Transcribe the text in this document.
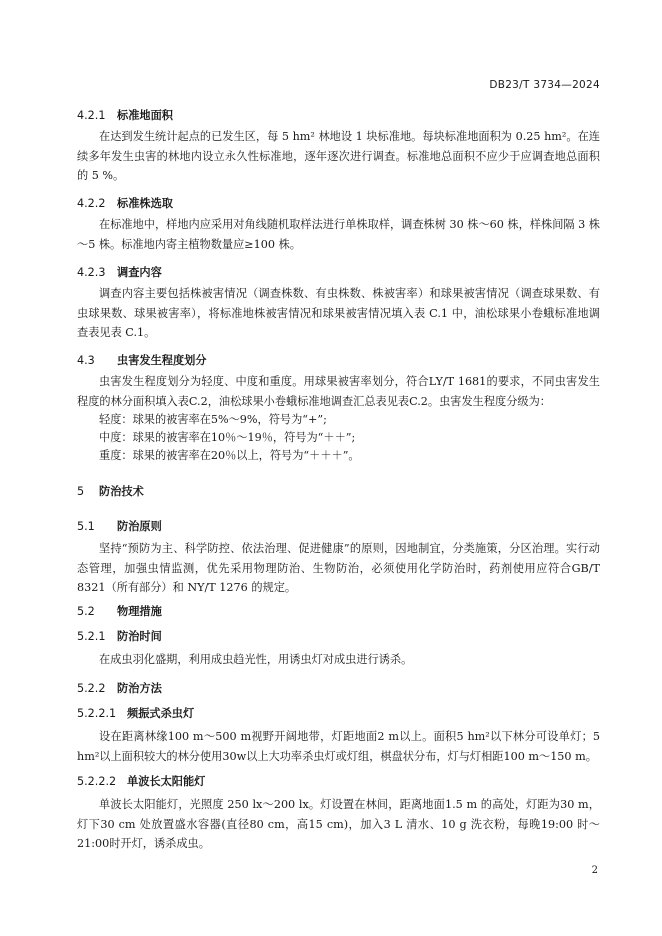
DB23/T 3734—2024
4.2.1 标准地面积
在达到发生统计起点的已发生区，每 5 hm² 林地设 1 块标准地。每块标准地面积为 0.25 hm²。在连续多年发生虫害的林地内设立永久性标准地，逐年逐次进行调查。标准地总面积不应少于应调查地总面积的 5 %。
4.2.2 标准株选取
在标准地中，样地内应采用对角线随机取样法进行单株取样，调查株树 30 株～60 株，样株间隔 3 株～5 株。标准地内寄主植物数量应≥100 株。
4.2.3 调查内容
调查内容主要包括株被害情况（调查株数、有虫株数、株被害率）和球果被害情况（调查球果数、有虫球果数、球果被害率），将标准地株被害情况和球果被害情况填入表 C.1 中，油松球果小卷蛾标准地调查表见表 C.1。
4.3 虫害发生程度划分
虫害发生程度划分为轻度、中度和重度。用球果被害率划分，符合LY/T 1681的要求，不同虫害发生程度的林分面积填入表C.2，油松球果小卷蛾标准地调查汇总表见表C.2。虫害发生程度分级为：
轻度：球果的被害率在5%～9%，符号为“+”;
中度：球果的被害率在10％～19％，符号为“＋＋”;
重度：球果的被害率在20％以上，符号为“＋＋＋”。
5 防治技术
5.1 防治原则
坚持“预防为主、科学防控、依法治理、促进健康”的原则，因地制宜，分类施策，分区治理。实行动态管理，加强虫情监测，优先采用物理防治、生物防治，必须使用化学防治时，药剂使用应符合GB/T 8321（所有部分）和 NY/T 1276 的规定。
5.2 物理措施
5.2.1 防治时间
在成虫羽化盛期，利用成虫趋光性，用诱虫灯对成虫进行诱杀。
5.2.2 防治方法
5.2.2.1 频振式杀虫灯
设在距离林缘100 m～500 m视野开阔地带，灯距地面2 m以上。面积5 hm²以下林分可设单灯；5 hm²以上面积较大的林分使用30w以上大功率杀虫灯或灯组，棋盘状分布，灯与灯相距100 m～150 m。
5.2.2.2 单波长太阳能灯
单波长太阳能灯，光照度 250 lx～200 lx。灯设置在林间，距离地面1.5 m 的高处，灯距为30 m，灯下30 cm 处放置盛水容器(直径80 cm，高15 cm)，加入3 L 清水、10 g 洗衣粉，每晚19:00 时～21:00时开灯，诱杀成虫。
2
